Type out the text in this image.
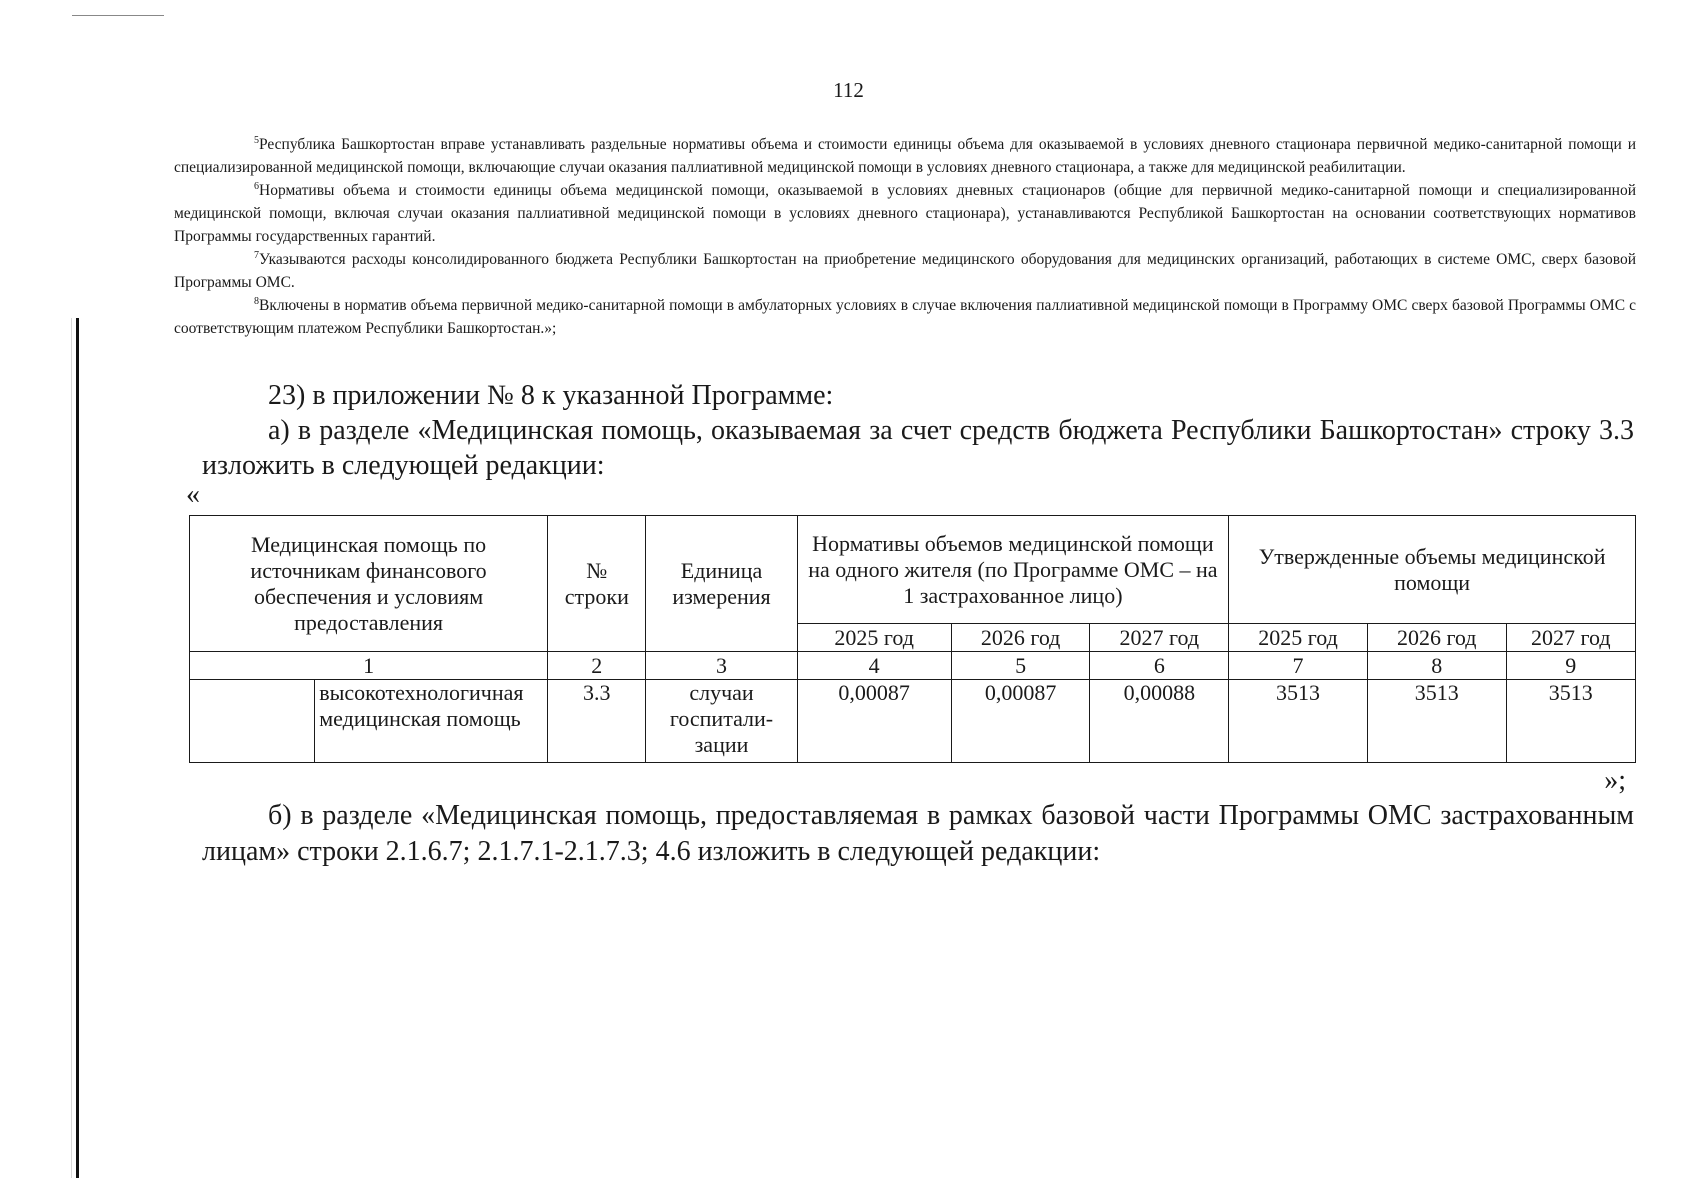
112

$^5$Республика Башкортостан вправе устанавливать раздельные нормативы объема и стоимости единицы объема для оказываемой в условиях дневного стационара первичной медико-санитарной помощи и специализированной медицинской помощи, включающие случаи оказания паллиативной медицинской помощи в условиях дневного стационара, а также для медицинской реабилитации.

$^6$Нормативы объема и стоимости единицы объема медицинской помощи, оказываемой в условиях дневных стационаров (общие для первичной медико-санитарной помощи и специализированной медицинской помощи, включая случаи оказания паллиативной медицинской помощи в условиях дневного стационара), устанавливаются Республикой Башкортостан на основании соответствующих нормативов Программы государственных гарантий.

$^7$Указываются расходы консолидированного бюджета Республики Башкортостан на приобретение медицинского оборудования для медицинских организаций, работающих в системе ОМС, сверх базовой Программы ОМС.

$^8$Включены в норматив объема первичной медико-санитарной помощи в амбулаторных условиях в случае включения паллиативной медицинской помощи в Программу ОМС сверх базовой Программы ОМС с соответствующим платежом Республики Башкортостан.»;

23) в приложении № 8 к указанной Программе:

а) в разделе «Медицинская помощь, оказываемая за счет средств бюджета Республики Башкортостан» строку 3.3 изложить в следующей редакции:

«
Медицинская помощь по источникам финансового обеспечения и условиям предоставления		№ строки	Единица измерения	Нормативы объемов медицинской помощи на одного жителя (по Программе ОМС – на 1 застрахованное лицо)			Утвержденные объемы медицинской помощи		
				2025 год	2026 год	2027 год	2025 год	2026 год	2027 год
1		2	3	4	5	6	7	8	9
	высокотехнологичная медицинская помощь	3.3	случаи госпитали-зации	0,00087	0,00087	0,00088	3513	3513	3513
»;

б) в разделе «Медицинская помощь, предоставляемая в рамках базовой части Программы ОМС застрахованным лицам» строки 2.1.6.7; 2.1.7.1-2.1.7.3; 4.6 изложить в следующей редакции:
